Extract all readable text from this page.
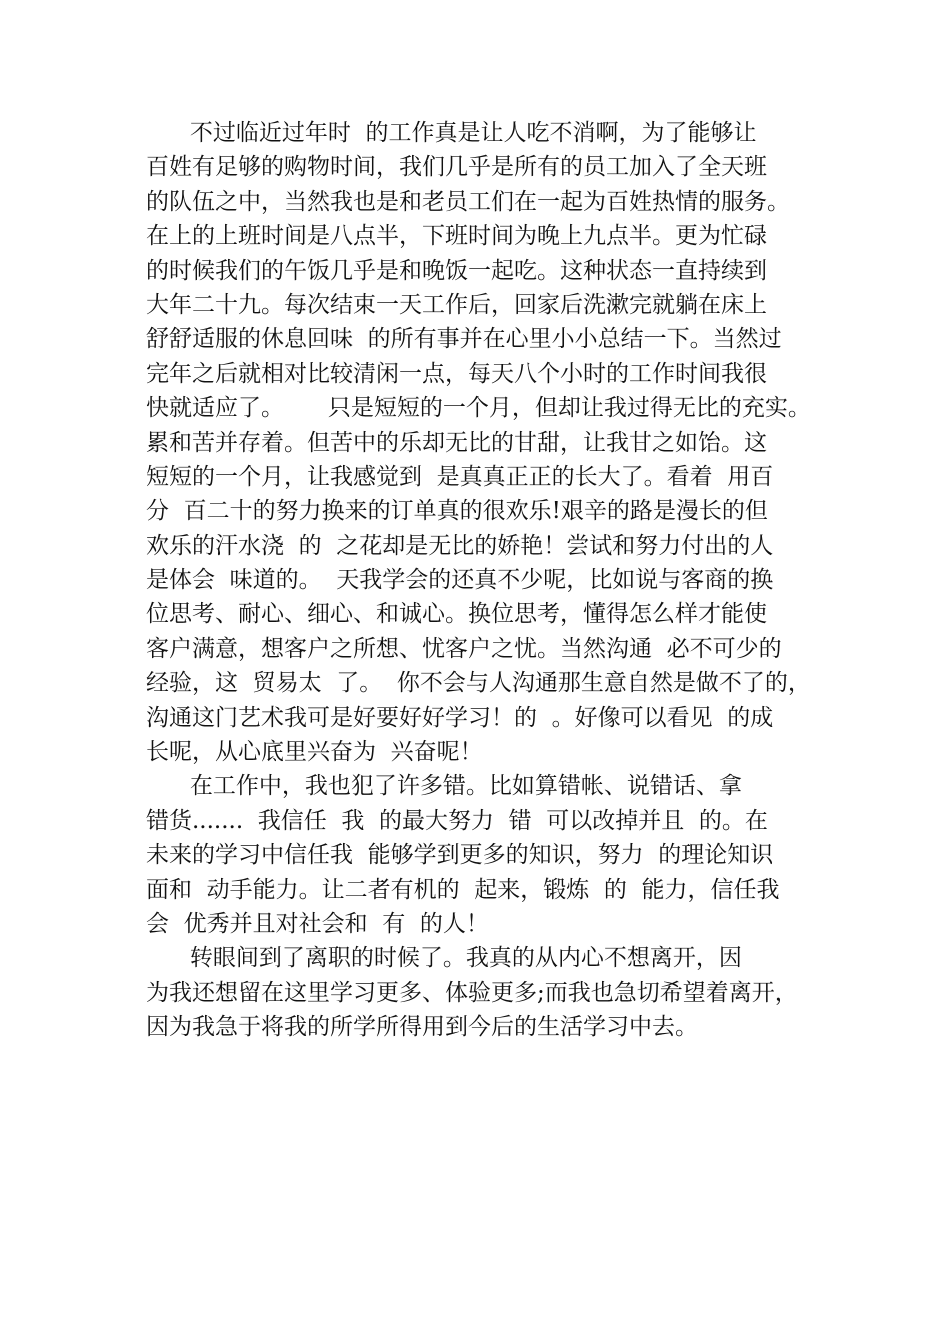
不过临近过年时  的工作真是让人吃不消啊，为了能够让
百姓有足够的购物时间，我们几乎是所有的员工加入了全天班
的队伍之中，当然我也是和老员工们在一起为百姓热情的服务。
在上的上班时间是八点半，下班时间为晚上九点半。更为忙碌
的时候我们的午饭几乎是和晚饭一起吃。这种状态一直持续到
大年二十九。每次结束一天工作后，回家后洗漱完就躺在床上
舒舒适服的休息回味  的所有事并在心里小小总结一下。当然过
完年之后就相对比较清闲一点，每天八个小时的工作时间我很
快就适应了。      只是短短的一个月，但却让我过得无比的充实。
累和苦并存着。但苦中的乐却无比的甘甜，让我甘之如饴。这
短短的一个月，让我感觉到  是真真正正的长大了。看着  用百
分  百二十的努力换来的订单真的很欢乐!艰辛的路是漫长的但
欢乐的汗水浇  的  之花却是无比的娇艳！尝试和努力付出的人
是体会  味道的。  天我学会的还真不少呢，比如说与客商的换
位思考、耐心、细心、和诚心。换位思考，懂得怎么样才能使
客户满意，想客户之所想、忧客户之忧。当然沟通  必不可少的
经验，这  贸易太  了。  你不会与人沟通那生意自然是做不了的，
沟通这门艺术我可是好要好好学习！的  。好像可以看见  的成
长呢，从心底里兴奋为  兴奋呢！
在工作中，我也犯了许多错。比如算错帐、说错话、拿
错货.......  我信任  我  的最大努力  错  可以改掉并且  的。在
未来的学习中信任我  能够学到更多的知识，努力  的理论知识
面和  动手能力。让二者有机的  起来，锻炼  的  能力，信任我
会  优秀并且对社会和  有  的人！
转眼间到了离职的时候了。我真的从内心不想离开，因
为我还想留在这里学习更多、体验更多;而我也急切希望着离开，
因为我急于将我的所学所得用到今后的生活学习中去。
